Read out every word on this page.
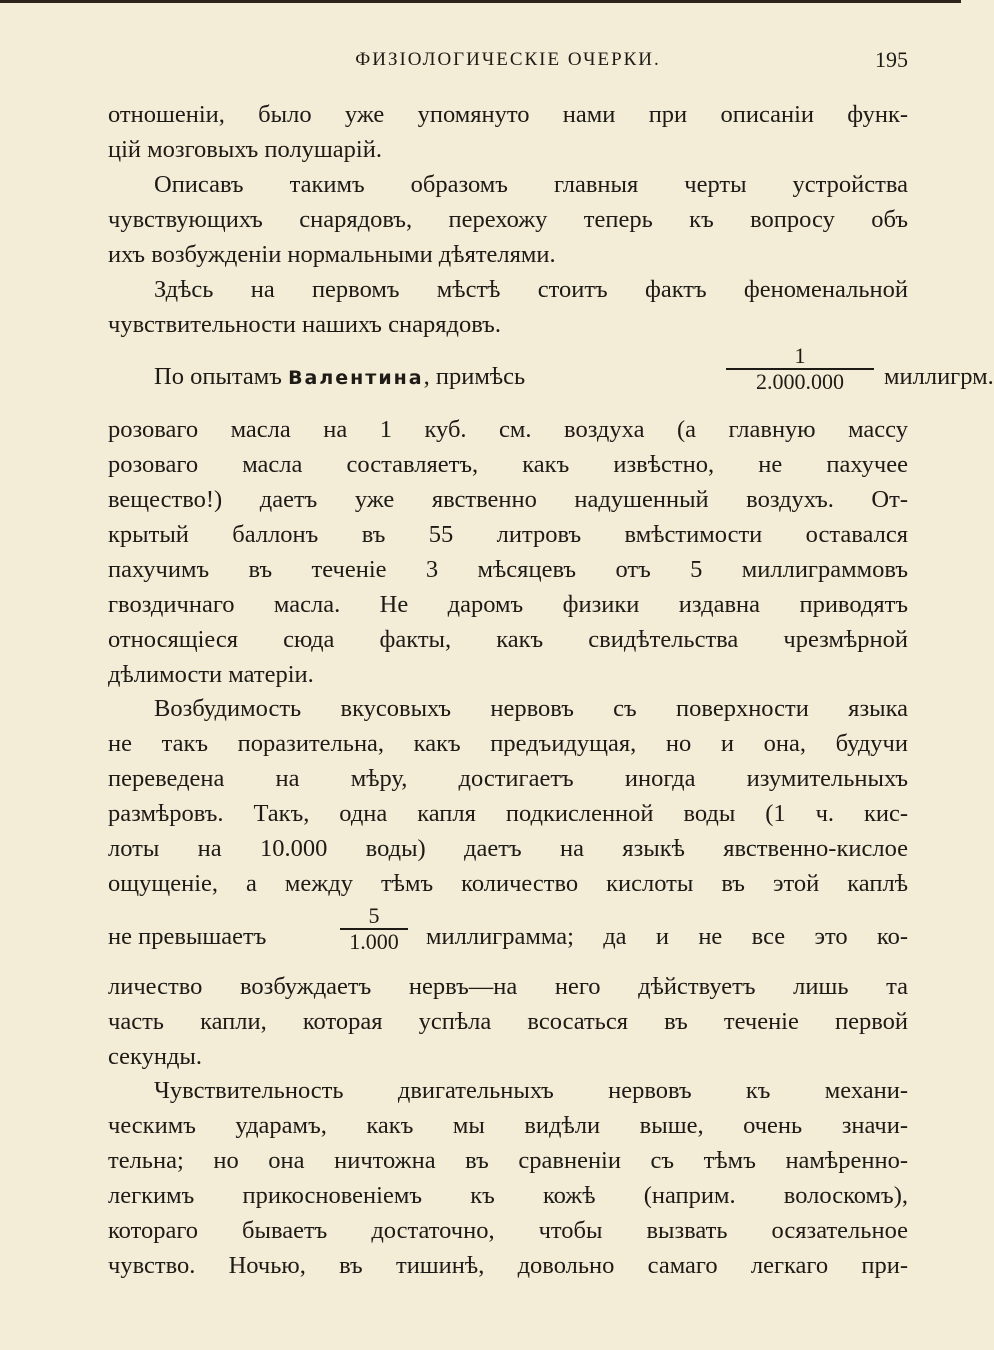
ФИЗIОЛОГИЧЕСКIЕ ОЧЕРКИ.	195
отношенiи, было уже упомянуто нами при описанiи функ-
цiй мозговыхъ полушарiй.
Описавъ такимъ образомъ главныя черты устройства
чувствующихъ снарядовъ, перехожу теперь къ вопросу объ
ихъ возбужденiи нормальными дѣятелями.
Здѣсь на первомъ мѣстѣ стоитъ фактъ феноменальной
чувствительности нашихъ снарядовъ.
По опытамъ Валентина, примѣсь
1
2.000.000	миллигрм.
розоваго масла на 1 куб. см. воздуха (а главную массу
розоваго масла составляетъ, какъ извѣстно, не пахучее
вещество!) даетъ уже явственно надушенный воздухъ. От-
крытый баллонъ въ 55 литровъ вмѣстимости оставался
пахучимъ въ теченiе 3 мѣсяцевъ отъ 5 миллиграммовъ
гвоздичнаго масла. Не даромъ физики издавна приводятъ
относящiеся сюда факты, какъ свидѣтельства чрезмѣрной
дѣлимости матерiи.
Возбудимость вкусовыхъ нервовъ съ поверхности языка
не такъ поразительна, какъ предъидущая, но и она, будучи
переведена на мѣру, достигаетъ иногда изумительныхъ
размѣровъ. Такъ, одна капля подкисленной воды (1 ч. кис-
лоты на 10.000 воды) даетъ на языкѣ явственно-кислое
ощущенiе, а между тѣмъ количество кислоты въ этой каплѣ
не превышаетъ
5
1.000	миллиграмма; да и не все это ко-
личество возбуждаетъ нервъ—на него дѣйствуетъ лишь та
часть капли, которая успѣла всосаться въ теченiе первой
секунды.
Чувствительность двигательныхъ нервовъ къ механи-
ческимъ ударамъ, какъ мы видѣли выше, очень значи-
тельна; но она ничтожна въ сравненiи съ тѣмъ намѣренно-
легкимъ прикосновенiемъ къ кожѣ (наприм. волоскомъ),
котораго бываетъ достаточно, чтобы вызвать осязательное
чувство. Ночью, въ тишинѣ, довольно самаго легкаго при-
